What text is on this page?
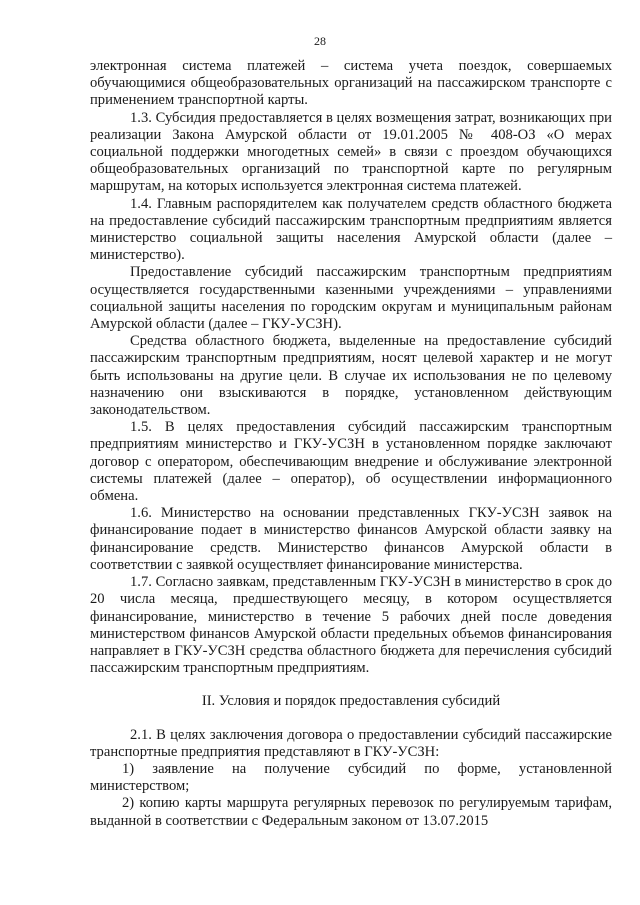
28

электронная система платежей – система учета поездок, совершаемых обучающимися общеобразовательных организаций на пассажирском транспорте с применением транспортной карты.

1.3. Субсидия предоставляется в целях возмещения затрат, возникающих при реализации Закона Амурской области от 19.01.2005 № 408-ОЗ «О мерах социальной поддержки многодетных семей» в связи с проездом обучающихся общеобразовательных организаций по транспортной карте по регулярным маршрутам, на которых используется электронная система платежей.

1.4. Главным распорядителем как получателем средств областного бюджета на предоставление субсидий пассажирским транспортным предприятиям является министерство социальной защиты населения Амурской области (далее – министерство).

Предоставление субсидий пассажирским транспортным предприятиям осуществляется государственными казенными учреждениями – управлениями социальной защиты населения по городским округам и муниципальным районам Амурской области (далее – ГКУ-УСЗН).

Средства областного бюджета, выделенные на предоставление субсидий пассажирским транспортным предприятиям, носят целевой характер и не могут быть использованы на другие цели. В случае их использования не по целевому назначению они взыскиваются в порядке, установленном действующим законодательством.

1.5. В целях предоставления субсидий пассажирским транспортным предприятиям министерство и ГКУ-УСЗН в установленном порядке заключают договор с оператором, обеспечивающим внедрение и обслуживание электронной системы платежей (далее – оператор), об осуществлении информационного обмена.

1.6. Министерство на основании представленных ГКУ-УСЗН заявок на финансирование подает в министерство финансов Амурской области заявку на финансирование средств. Министерство финансов Амурской области в соответствии с заявкой осуществляет финансирование министерства.

1.7. Согласно заявкам, представленным ГКУ-УСЗН в министерство в срок до 20 числа месяца, предшествующего месяцу, в котором осуществляется финансирование, министерство в течение 5 рабочих дней после доведения министерством финансов Амурской области предельных объемов финансирования направляет в ГКУ-УСЗН средства областного бюджета для перечисления субсидий пассажирским транспортным предприятиям.

II. Условия и порядок предоставления субсидий

2.1. В целях заключения договора о предоставлении субсидий пассажирские транспортные предприятия представляют в ГКУ-УСЗН:

1) заявление на получение субсидий по форме, установленной министерством;

2) копию карты маршрута регулярных перевозок по регулируемым тарифам, выданной в соответствии с Федеральным законом от 13.07.2015
